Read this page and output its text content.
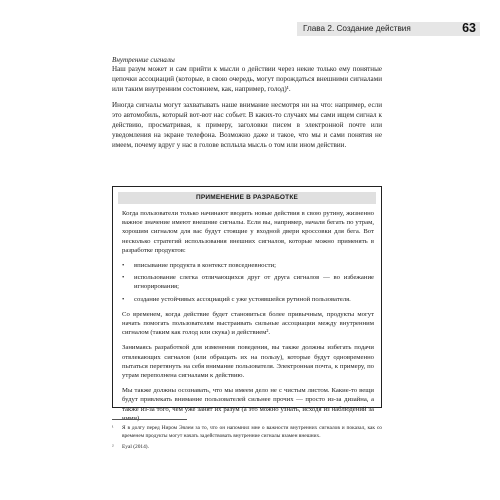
Глава 2. Создание действия	63
Внутренние сигналы

Наш разум может и сам прийти к мысли о действии через некие только ему понятные цепочки ассоциаций (которые, в свою очередь, могут порождаться внешними сигналами или таким внутренним состоянием, как, например, голод)¹.

Иногда сигналы могут захватывать наше внимание несмотря ни на что: например, если это автомобиль, который вот-вот нас собьет. В каких-то случаях мы сами ищем сигнал к действию, просматривая, к примеру, заголовки писем в электронной почте или уведомления на экране телефона. Возможно даже и такое, что мы и сами понятия не имеем, почему вдруг у нас в голове всплыла мысль о том или ином действии.

ПРИМЕНЕНИЕ В РАЗРАБОТКЕ

Когда пользователи только начинают вводить новые действия в свою рутину, жизненно важное значение имеют внешние сигналы. Если вы, например, начали бегать по утрам, хорошим сигналом для вас будут стоящие у входной двери кроссовки для бега. Вот несколько стратегий использования внешних сигналов, которые можно применять в разработке продуктов:

• вписывание продукта в контекст повседневности;
• использование слегка отличающихся друг от друга сигналов — во избежание игнорирования;
• создание устойчивых ассоциаций с уже устоявшейся рутиной пользователя.

Со временем, когда действие будет становиться более привычным, продукты могут начать помогать пользователям выстраивать сильные ассоциации между внутренним сигналом (таким как голод или скука) и действием².

Занимаясь разработкой для изменения поведения, вы также должны избегать подачи отвлекающих сигналов (или обращать их на пользу), которые будут одновременно пытаться перетянуть на себя внимание пользователя. Электронная почта, к примеру, по утрам переполнена сигналами к действию.

Мы также должны осознавать, что мы имеем дело не с чистым листом. Какие-то вещи будут привлекать внимание пользователей сильнее прочих — просто из-за дизайна, а также из-за того, чем уже занят их разум (а это можно узнать, исходя из наблюдений за ними).

¹	Я в долгу перед Ниром Эялем за то, что он напомнил мне о важности внутренних сигналов и показал, как со временем продукты могут начать задействовать внутренние сигналы взамен внешних.
²	Eyal (2014).
